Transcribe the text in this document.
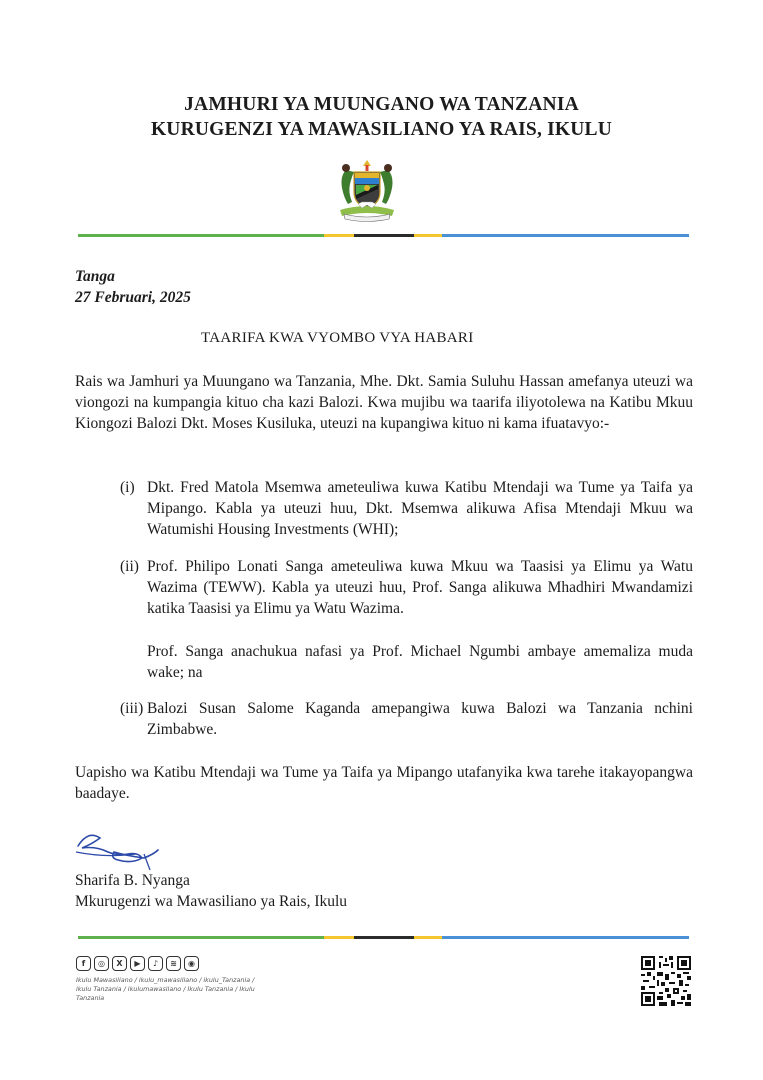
JAMHURI YA MUUNGANO WA TANZANIA
KURUGENZI YA MAWASILIANO YA RAIS, IKULU
Tanga
27 Februari, 2025
TAARIFA KWA VYOMBO VYA HABARI
Rais wa Jamhuri ya Muungano wa Tanzania, Mhe. Dkt. Samia Suluhu Hassan amefanya uteuzi wa viongozi na kumpangia kituo cha kazi Balozi. Kwa mujibu wa taarifa iliyotolewa na Katibu Mkuu Kiongozi Balozi Dkt. Moses Kusiluka, uteuzi na kupangiwa kituo ni kama ifuatavyo:-
(i) Dkt. Fred Matola Msemwa ameteuliwa kuwa Katibu Mtendaji wa Tume ya Taifa ya Mipango. Kabla ya uteuzi huu, Dkt. Msemwa alikuwa Afisa Mtendaji Mkuu wa Watumishi Housing Investments (WHI);
(ii) Prof. Philipo Lonati Sanga ameteuliwa kuwa Mkuu wa Taasisi ya Elimu ya Watu Wazima (TEWW). Kabla ya uteuzi huu, Prof. Sanga alikuwa Mhadhiri Mwandamizi katika Taasisi ya Elimu ya Watu Wazima.
Prof. Sanga anachukua nafasi ya Prof. Michael Ngumbi ambaye amemaliza muda wake; na
(iii) Balozi Susan Salome Kaganda amepangiwa kuwa Balozi wa Tanzania nchini Zimbabwe.
Uapisho wa Katibu Mtendaji wa Tume ya Taifa ya Mipango utafanyika kwa tarehe itakayopangwa baadaye.
Sharifa B. Nyanga
Mkurugenzi wa Mawasiliano ya Rais, Ikulu
f	◎	X	▶	♪	≋	◉
Ikulu Mawasiliano / ikulu_mawasiliano / ikulu_Tanzania / ikulu Tanzania / ikulumawasilano / Ikulu Tanzania / Ikulu Tanzania
